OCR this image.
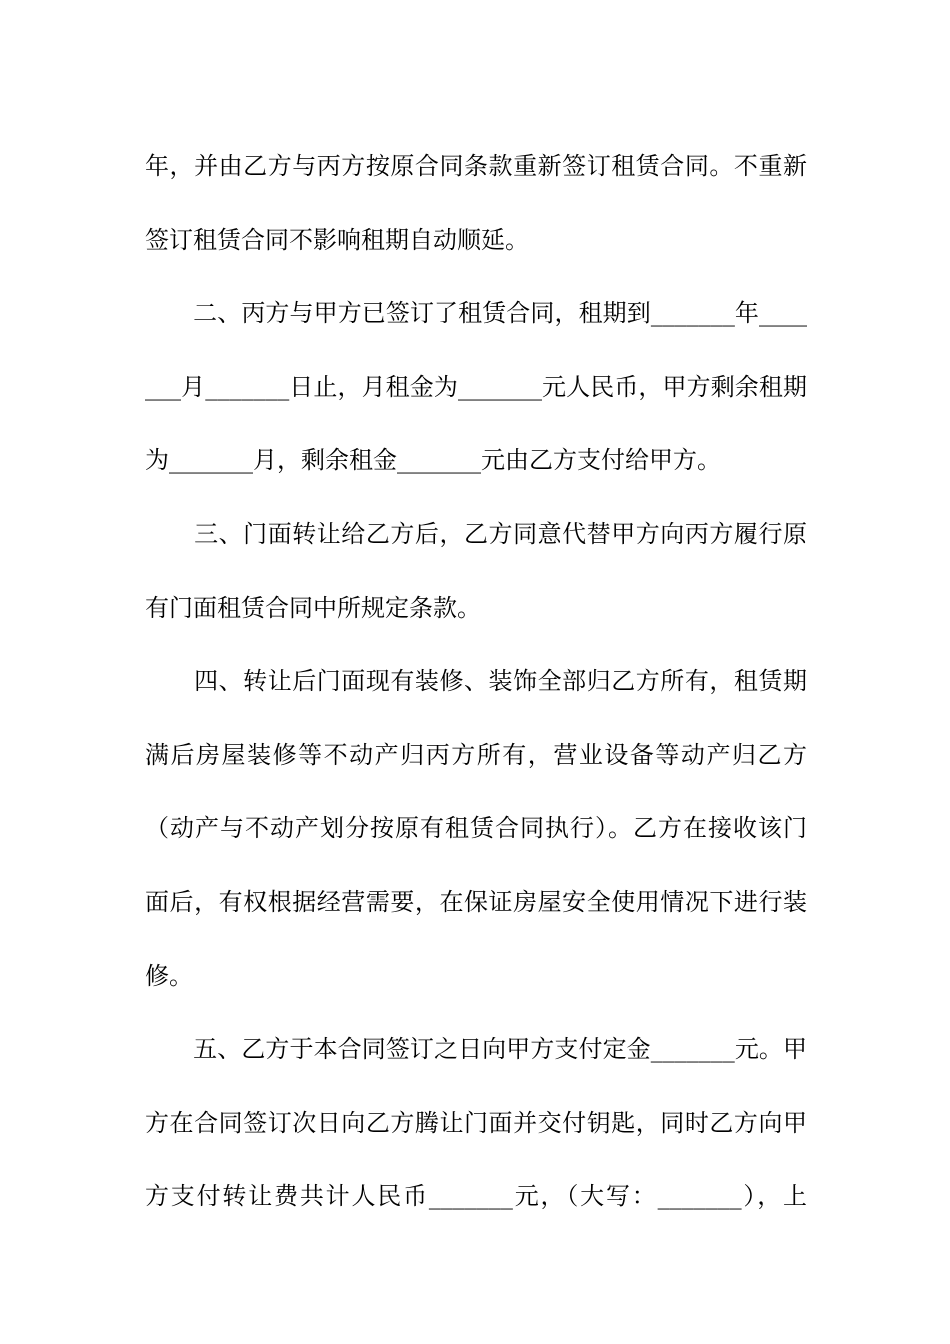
年，并由乙方与丙方按原合同条款重新签订租赁合同。不重新
签订租赁合同不影响租期自动顺延。
　　二、丙方与甲方已签订了租赁合同，租期到_______年____
___月_______日止，月租金为_______元人民币，甲方剩余租期
为_______月，剩余租金_______元由乙方支付给甲方。
　　三、门面转让给乙方后，乙方同意代替甲方向丙方履行原
有门面租赁合同中所规定条款。
　　四、转让后门面现有装修、装饰全部归乙方所有，租赁期
满后房屋装修等不动产归丙方所有，营业设备等动产归乙方
（动产与不动产划分按原有租赁合同执行）。乙方在接收该门
面后，有权根据经营需要，在保证房屋安全使用情况下进行装
修。
　　五、乙方于本合同签订之日向甲方支付定金_______元。甲
方在合同签订次日向乙方腾让门面并交付钥匙，同时乙方向甲
方支付转让费共计人民币_______元，（大写：_______），上
